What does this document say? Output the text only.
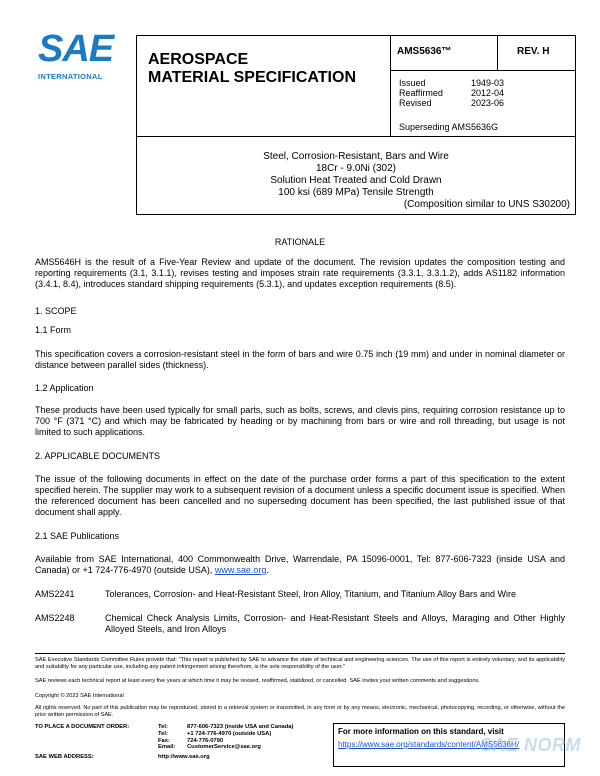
SAE
INTERNATIONAL
AEROSPACE
MATERIAL SPECIFICATION
AMS5636™	REV. H
Issued	1949-03
Reaffirmed	2012-04
Revised	2023-06
Superseding AMS5636G
Steel, Corrosion-Resistant, Bars and Wire
18Cr - 9.0Ni (302)
Solution Heat Treated and Cold Drawn
100 ksi (689 MPa) Tensile Strength
(Composition similar to UNS S30200)
RATIONALE
AMS5646H is the result of a Five-Year Review and update of the document. The revision updates the composition testing and reporting requirements (3.1, 3.1.1), revises testing and imposes strain rate requirements (3.3.1, 3.3.1.2), adds AS1182 information (3.4.1, 8.4), introduces standard shipping requirements (5.3.1), and updates exception requirements (8.5).
1. SCOPE
1.1 Form
This specification covers a corrosion-resistant steel in the form of bars and wire 0.75 inch (19 mm) and under in nominal diameter or distance between parallel sides (thickness).
1.2 Application
These products have been used typically for small parts, such as bolts, screws, and clevis pins, requiring corrosion resistance up to 700 °F (371 °C) and which may be fabricated by heading or by machining from bars or wire and roll threading, but usage is not limited to such applications.
2. APPLICABLE DOCUMENTS
The issue of the following documents in effect on the date of the purchase order forms a part of this specification to the extent specified herein. The supplier may work to a subsequent revision of a document unless a specific document issue is specified. When the referenced document has been cancelled and no superseding document has been specified, the last published issue of that document shall apply.
2.1 SAE Publications
Available from SAE International, 400 Commonwealth Drive, Warrendale, PA 15096-0001, Tel: 877-606-7323 (inside USA and Canada) or +1 724-776-4970 (outside USA), www.sae.org.
AMS2241	Tolerances, Corrosion- and Heat-Resistant Steel, Iron Alloy, Titanium, and Titanium Alloy Bars and Wire
AMS2248	Chemical Check Analysis Limits, Corrosion- and Heat-Resistant Steels and Alloys, Maraging and Other Highly Alloyed Steels, and Iron Alloys
SAE Executive Standards Committee Rules provide that: “This report is published by SAE to advance the state of technical and engineering sciences. The use of this report is entirely voluntary, and its applicability and suitability for any particular use, including any patent infringement arising therefrom, is the sole responsibility of the user.”
SAE reviews each technical report at least every five years at which time it may be revised, reaffirmed, stabilized, or cancelled. SAE invites your written comments and suggestions.
Copyright © 2023 SAE International
All rights reserved. No part of this publication may be reproduced, stored in a retrieval system or transmitted, in any form or by any means, electronic, mechanical, photocopying, recording, or otherwise, without the prior written permission of SAE.
TO PLACE A DOCUMENT ORDER:	Tel:	877-606-7323 (inside USA and Canada)
	Tel:	+1 724-776-4970 (outside USA)
	Fax:	724-776-0790
	Email:	CustomerService@sae.org
SAE WEB ADDRESS:	http://www.sae.org	
For more information on this standard, visit
https://www.sae.org/standards/content/AMS5636H/
SAE NORM
